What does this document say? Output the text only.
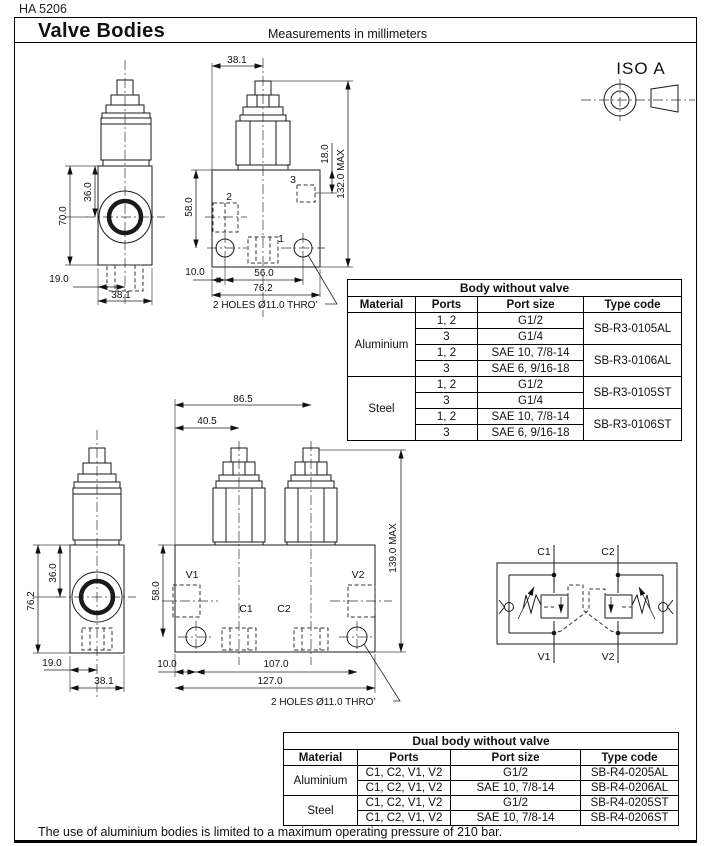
HA 5206
Valve Bodies	Measurements in millimeters
ISO A
70.0
36.0
19.0
38.1
2
3
1
38.1
132.0 MAX
18.0
58.0
10.0	56.0
76.2
2 HOLES Ø11.0 THRO’
Body without valve			
Material	Ports	Port size	Type code
Aluminium	1, 2	G1/2	SB-R3-0105AL
	3	G1/4	
	1, 2	SAE 10, 7/8-14	SB-R3-0106AL
	3	SAE 6, 9/16-18	
Steel	1, 2	G1/2	SB-R3-0105ST
	3	G1/4	
	1, 2	SAE 10, 7/8-14	SB-R3-0106ST
	3	SAE 6, 9/16-18	
76.2
36.0
19.0
38.1
V1	V2
C1 C2
86.5
40.5
139.0 MAX
58.0
10.0	107.0
127.0
2 HOLES Ø11.0 THRO’
C1	C2
V1	V2
Dual body without valve			
Material	Ports	Port size	Type code
Aluminium	C1, C2, V1, V2	G1/2	SB-R4-0205AL
	C1, C2, V1, V2	SAE 10, 7/8-14	SB-R4-0206AL
Steel	C1, C2, V1, V2	G1/2	SB-R4-0205ST
	C1, C2, V1, V2	SAE 10, 7/8-14	SB-R4-0206ST
The use of aluminium bodies is limited to a maximum operating pressure of 210 bar.
